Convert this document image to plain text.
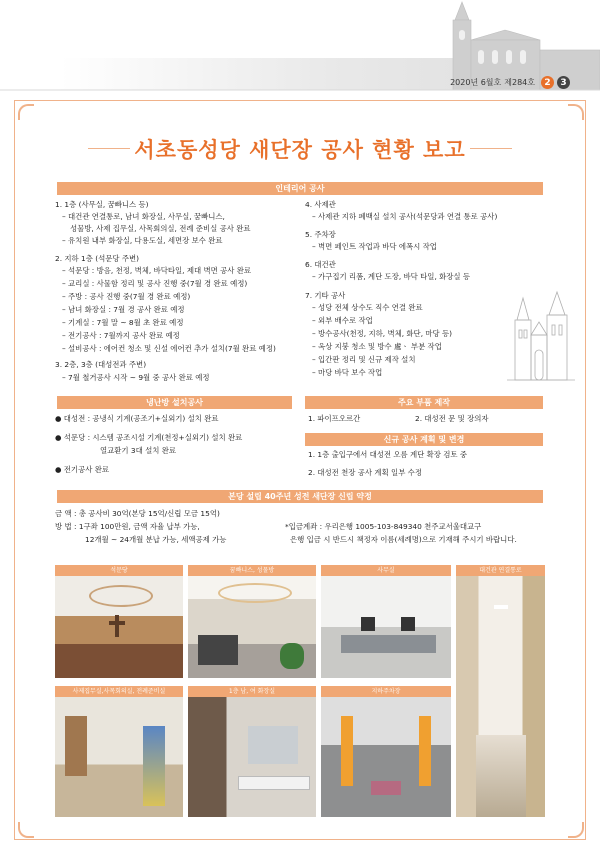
2020년 6월호 제284호	2	3
서초동성당 새단장 공사 현황 보고
인테리어 공사
1. 1층 (사무실, 꿈빠니스 등)
– 대건관 연결통로, 남녀 화장실, 사무실, 꿈빠니스,
성물방, 사제 집무실, 사목회의실, 전례 준비실 공사 완료
– 유치원 내부 화장실, 다용도실, 세면장 보수 완료
2. 지하 1층 (석문당 주변)
– 석문당 : 방음, 천정, 벽체, 바닥타일, 제대 벽면 공사 완료
– 교리실 : 사물함 정리 및 공사 진행 중(7월 경 완료 예정)
– 주방 : 공사 진행 중(7월 경 완료 예정)
– 남녀 화장실 : 7월 경 공사 완료 예정
– 기계실 : 7월 말 ~ 8월 초 완료 예정
– 전기공사 : 7월까지 공사 완료 예정
– 설비공사 : 에어컨 청소 및 신설 에어컨 추가 설치(7월 완료 예정)
3. 2층, 3층 (대성전과 주변)
– 7월 철거공사 시작 ~ 9월 중 공사 완료 예정
4. 사제관
– 사제관 지하 폐백실 설치 공사(석문당과 연결 통로 공사)
5. 주차장
– 벽면 페인트 작업과 바닥 에폭시 작업
6. 대건관
– 가구집기 리폼, 계단 도장, 바닥 타일, 화장실 등
7. 기타 공사
– 성당 전체 상수도 직수 연결 완료
– 외부 배수로 작업
– 방수공사(천정, 지하, 벽체, 화단, 마당 등)
– 옥상 지붕 청소 및 방수 處ㆍ 부분 작업
– 입간판 정리 및 신규 제작 설치
– 마당 바닥 보수 작업
냉난방 설치공사
● 대성전 : 공냉식 기계(공조기+실외기) 설치 완료
● 석문당 : 시스템 공조시설 기계(천정+실외기) 설치 완료
열교환기 3대 설치 완료
● 전기공사 완료
주요 부품 제작
1. 파이프오르간	2. 대성전 문 및 장의자
신규 공사 계획 및 변경
1. 1층 출입구에서 대성전 오름 계단 확장 검토 중
2. 대성전 천장 공사 계획 일부 수정
본당 설립 40주년 성전 새단장 신립 약정
금 액 : 총 공사비 30억(본당 15억/신립 모금 15억)
방 법 : 1구좌 100만원, 금액 자율 납부 가능,
12개월 ~ 24개월 분납 가능, 세액공제 가능
*입금계좌 : 우리은행 1005-103-849340 천주교서울대교구
은행 입금 시 반드시 책정자 이름(세례명)으로 기재해 주시기 바랍니다.
석문당	꿈빠니스, 성물방	사무실	대건관 연결통로
사제집무실,사목회의실, 전례준비실	1층 남, 여 화장실	지하주차장
